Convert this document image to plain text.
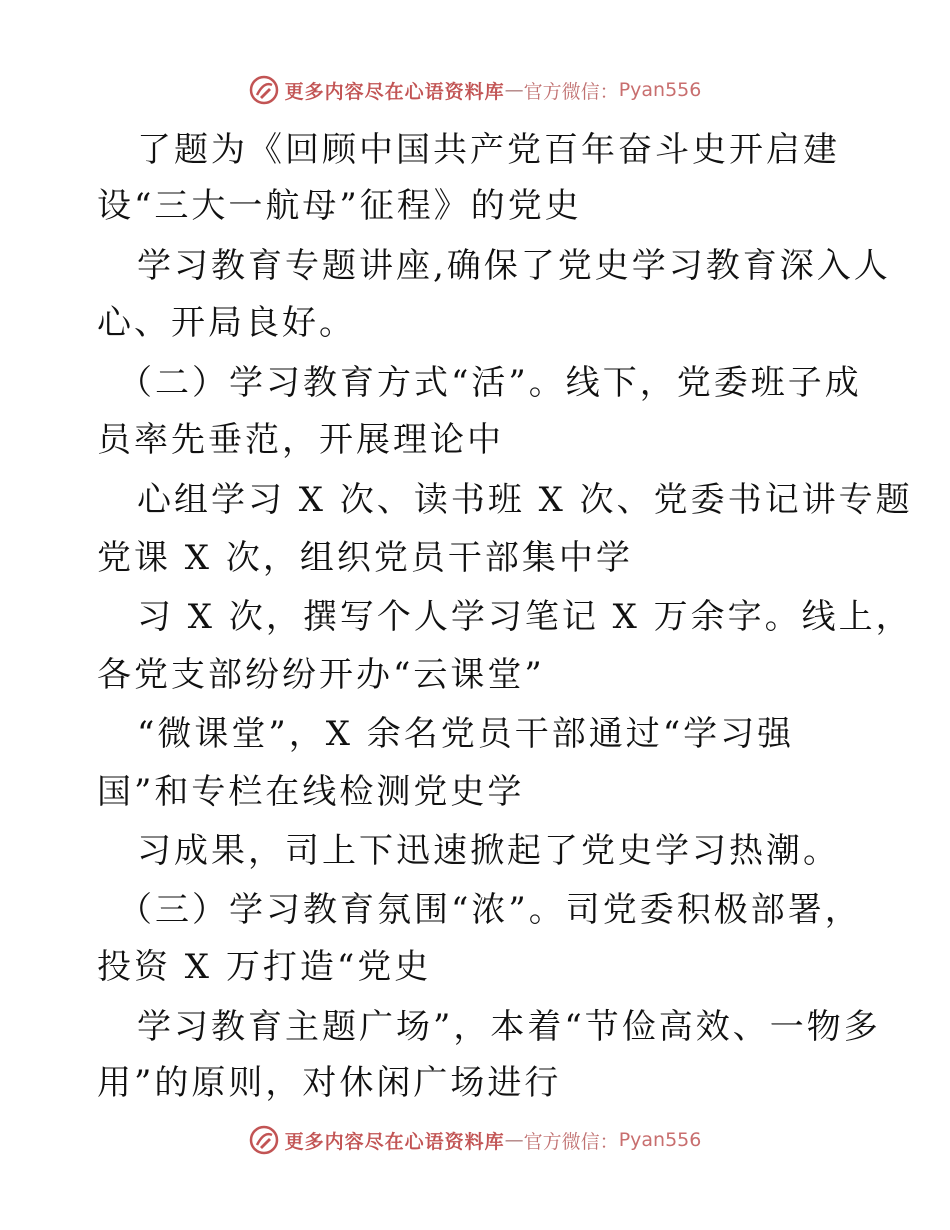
更多内容尽在心语资料库 — 官方微信： Pyan556
了题为《回顾中国共产党百年奋斗史开启建
设“三大一航母”征程》的党史
学习教育专题讲座,确保了党史学习教育深入人
心、开局良好。
（二）学习教育方式“活”。线下，党委班子成
员率先垂范，开展理论中
心组学习 X 次、读书班 X 次、党委书记讲专题
党课 X 次，组织党员干部集中学
习 X 次，撰写个人学习笔记 X 万余字。线上，
各党支部纷纷开办“云课堂”
“微课堂”，X 余名党员干部通过“学习强
国”和专栏在线检测党史学
习成果，司上下迅速掀起了党史学习热潮。
（三）学习教育氛围“浓”。司党委积极部署，
投资 X 万打造“党史
学习教育主题广场”，本着“节俭高效、一物多
用”的原则，对休闲广场进行
更多内容尽在心语资料库 — 官方微信： Pyan556
